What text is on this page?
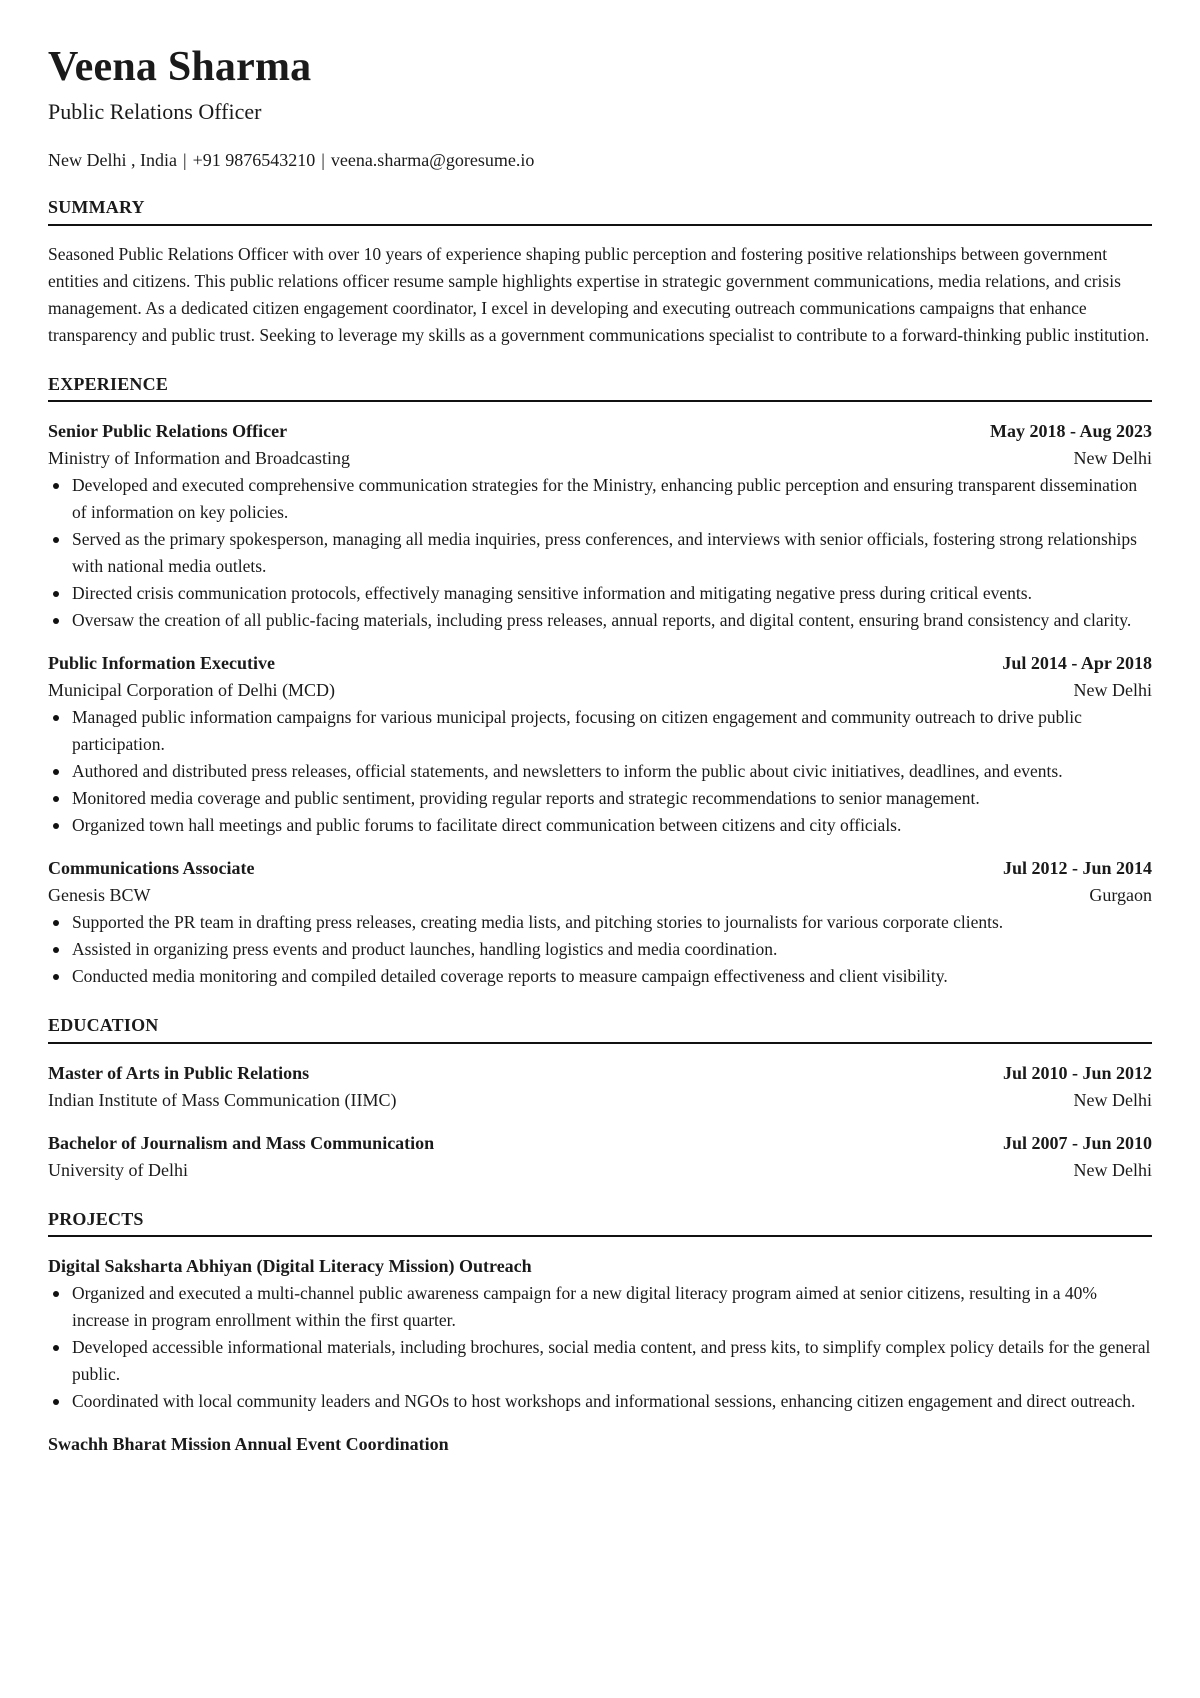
Veena Sharma
Public Relations Officer
New Delhi , India | +91 9876543210 | veena.sharma@goresume.io
SUMMARY
Seasoned Public Relations Officer with over 10 years of experience shaping public perception and fostering positive relationships between government entities and citizens. This public relations officer resume sample highlights expertise in strategic government communications, media relations, and crisis management. As a dedicated citizen engagement coordinator, I excel in developing and executing outreach communications campaigns that enhance transparency and public trust. Seeking to leverage my skills as a government communications specialist to contribute to a forward-thinking public institution.
EXPERIENCE
Senior Public Relations Officer	May 2018 - Aug 2023
Ministry of Information and Broadcasting	New Delhi
Developed and executed comprehensive communication strategies for the Ministry, enhancing public perception and ensuring transparent dissemination of information on key policies.
Served as the primary spokesperson, managing all media inquiries, press conferences, and interviews with senior officials, fostering strong relationships with national media outlets.
Directed crisis communication protocols, effectively managing sensitive information and mitigating negative press during critical events.
Oversaw the creation of all public-facing materials, including press releases, annual reports, and digital content, ensuring brand consistency and clarity.
Public Information Executive	Jul 2014 - Apr 2018
Municipal Corporation of Delhi (MCD)	New Delhi
Managed public information campaigns for various municipal projects, focusing on citizen engagement and community outreach to drive public participation.
Authored and distributed press releases, official statements, and newsletters to inform the public about civic initiatives, deadlines, and events.
Monitored media coverage and public sentiment, providing regular reports and strategic recommendations to senior management.
Organized town hall meetings and public forums to facilitate direct communication between citizens and city officials.
Communications Associate	Jul 2012 - Jun 2014
Genesis BCW	Gurgaon
Supported the PR team in drafting press releases, creating media lists, and pitching stories to journalists for various corporate clients.
Assisted in organizing press events and product launches, handling logistics and media coordination.
Conducted media monitoring and compiled detailed coverage reports to measure campaign effectiveness and client visibility.
EDUCATION
Master of Arts in Public Relations	Jul 2010 - Jun 2012
Indian Institute of Mass Communication (IIMC)	New Delhi
Bachelor of Journalism and Mass Communication	Jul 2007 - Jun 2010
University of Delhi	New Delhi
PROJECTS
Digital Saksharta Abhiyan (Digital Literacy Mission) Outreach
Organized and executed a multi-channel public awareness campaign for a new digital literacy program aimed at senior citizens, resulting in a 40% increase in program enrollment within the first quarter.
Developed accessible informational materials, including brochures, social media content, and press kits, to simplify complex policy details for the general public.
Coordinated with local community leaders and NGOs to host workshops and informational sessions, enhancing citizen engagement and direct outreach.
Swachh Bharat Mission Annual Event Coordination
